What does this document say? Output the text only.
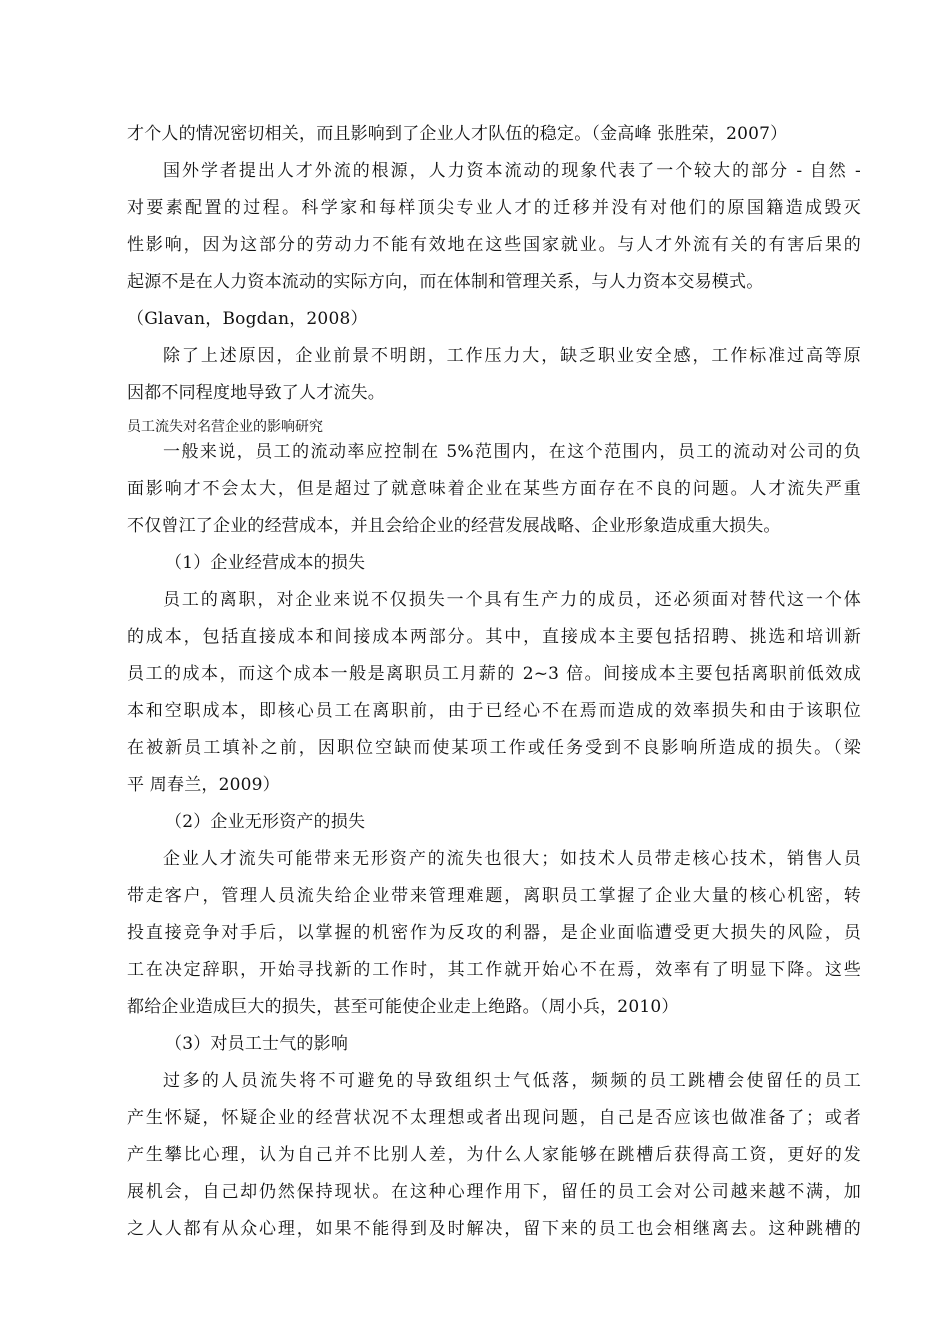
才个人的情况密切相关，而且影响到了企业人才队伍的稳定。（金高峰 张胜荣，2007）
国外学者提出人才外流的根源，人力资本流动的现象代表了一个较大的部分 - 自然 -
对要素配置的过程。科学家和每样顶尖专业人才的迁移并没有对他们的原国籍造成毁灭
性影响，因为这部分的劳动力不能有效地在这些国家就业。与人才外流有关的有害后果的
起源不是在人力资本流动的实际方向，而在体制和管理关系，与人力资本交易模式。
（Glavan，Bogdan，2008）
除了上述原因，企业前景不明朗，工作压力大，缺乏职业安全感，工作标准过高等原
因都不同程度地导致了人才流失。
员工流失对名营企业的影响研究
一般来说，员工的流动率应控制在 5%范围内，在这个范围内，员工的流动对公司的负
面影响才不会太大，但是超过了就意味着企业在某些方面存在不良的问题。人才流失严重
不仅曾江了企业的经营成本，并且会给企业的经营发展战略、企业形象造成重大损失。
（1）企业经营成本的损失
员工的离职，对企业来说不仅损失一个具有生产力的成员，还必须面对替代这一个体
的成本，包括直接成本和间接成本两部分。其中，直接成本主要包括招聘、挑选和培训新
员工的成本，而这个成本一般是离职员工月薪的 2~3 倍。间接成本主要包括离职前低效成
本和空职成本，即核心员工在离职前，由于已经心不在焉而造成的效率损失和由于该职位
在被新员工填补之前，因职位空缺而使某项工作或任务受到不良影响所造成的损失。（梁
平 周春兰，2009）
（2）企业无形资产的损失
企业人才流失可能带来无形资产的流失也很大；如技术人员带走核心技术，销售人员
带走客户，管理人员流失给企业带来管理难题，离职员工掌握了企业大量的核心机密，转
投直接竞争对手后，以掌握的机密作为反攻的利器，是企业面临遭受更大损失的风险，员
工在决定辞职，开始寻找新的工作时，其工作就开始心不在焉，效率有了明显下降。这些
都给企业造成巨大的损失，甚至可能使企业走上绝路。（周小兵，2010）
（3）对员工士气的影响
过多的人员流失将不可避免的导致组织士气低落，频频的员工跳槽会使留任的员工
产生怀疑，怀疑企业的经营状况不太理想或者出现问题，自己是否应该也做准备了；或者
产生攀比心理，认为自己并不比别人差，为什么人家能够在跳槽后获得高工资，更好的发
展机会，自己却仍然保持现状。在这种心理作用下，留任的员工会对公司越来越不满，加
之人人都有从众心理，如果不能得到及时解决，留下来的员工也会相继离去。这种跳槽的
